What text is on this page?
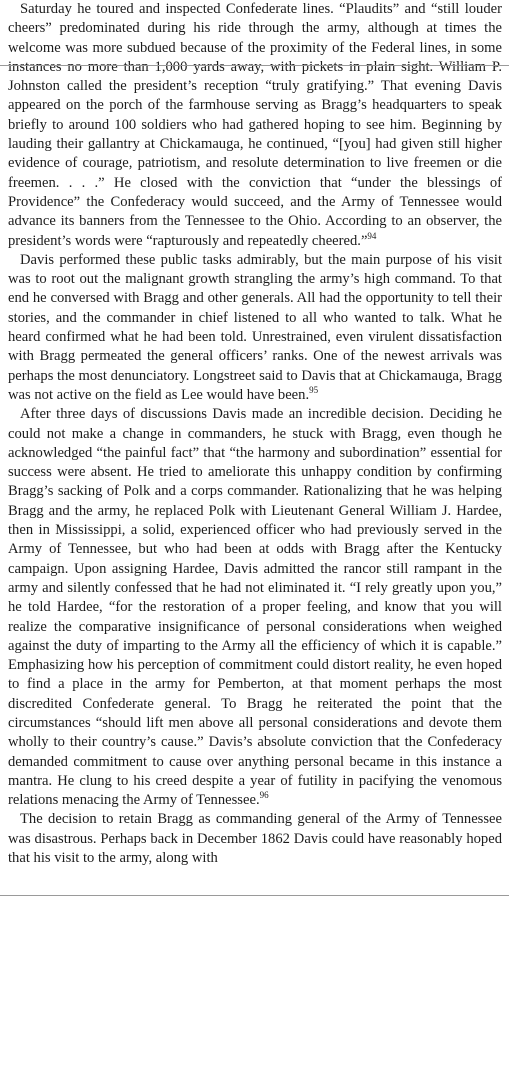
Saturday he toured and inspected Confederate lines. “Plaudits” and “still louder cheers” predominated during his ride through the army, although at times the welcome was more subdued because of the proximity of the Federal lines, in some instances no more than 1,000 yards away, with pickets in plain sight. William P. Johnston called the president’s reception “truly gratifying.” That evening Davis appeared on the porch of the farmhouse serving as Bragg’s headquarters to speak briefly to around 100 soldiers who had gathered hoping to see him. Beginning by lauding their gallantry at Chickamauga, he continued, “[you] had given still higher evidence of courage, patriotism, and resolute determination to live freemen or die freemen. . . .” He closed with the conviction that “under the blessings of Providence” the Confederacy would succeed, and the Army of Tennessee would advance its banners from the Tennessee to the Ohio. According to an observer, the president’s words were “rapturously and repeatedly cheered.”$^{94}$

Davis performed these public tasks admirably, but the main purpose of his visit was to root out the malignant growth strangling the army’s high command. To that end he conversed with Bragg and other generals. All had the opportunity to tell their stories, and the commander in chief listened to all who wanted to talk. What he heard confirmed what he had been told. Unrestrained, even virulent dissatisfaction with Bragg permeated the general officers’ ranks. One of the newest arrivals was perhaps the most denunciatory. Longstreet said to Davis that at Chickamauga, Bragg was not active on the field as Lee would have been.$^{95}$

After three days of discussions Davis made an incredible decision. Deciding he could not make a change in commanders, he stuck with Bragg, even though he acknowledged “the painful fact” that “the harmony and subordination” essential for success were absent. He tried to ameliorate this unhappy condition by confirming Bragg’s sacking of Polk and a corps commander. Rationalizing that he was helping Bragg and the army, he replaced Polk with Lieutenant General William J. Hardee, then in Mississippi, a solid, experienced officer who had previously served in the Army of Tennessee, but who had been at odds with Bragg after the Kentucky campaign. Upon assigning Hardee, Davis admitted the rancor still rampant in the army and silently confessed that he had not eliminated it. “I rely greatly upon you,” he told Hardee, “for the restoration of a proper feeling, and know that you will realize the comparative insignificance of personal considerations when weighed against the duty of imparting to the Army all the efficiency of which it is capable.” Emphasizing how his perception of commitment could distort reality, he even hoped to find a place in the army for Pemberton, at that moment perhaps the most discredited Confederate general. To Bragg he reiterated the point that the circumstances “should lift men above all personal considerations and devote them wholly to their country’s cause.” Davis’s absolute conviction that the Confederacy demanded commitment to cause over anything personal became in this instance a mantra. He clung to his creed despite a year of futility in pacifying the venomous relations menacing the Army of Tennessee.$^{96}$

The decision to retain Bragg as commanding general of the Army of Tennessee was disastrous. Perhaps back in December 1862 Davis could have reasonably hoped that his visit to the army, along with
